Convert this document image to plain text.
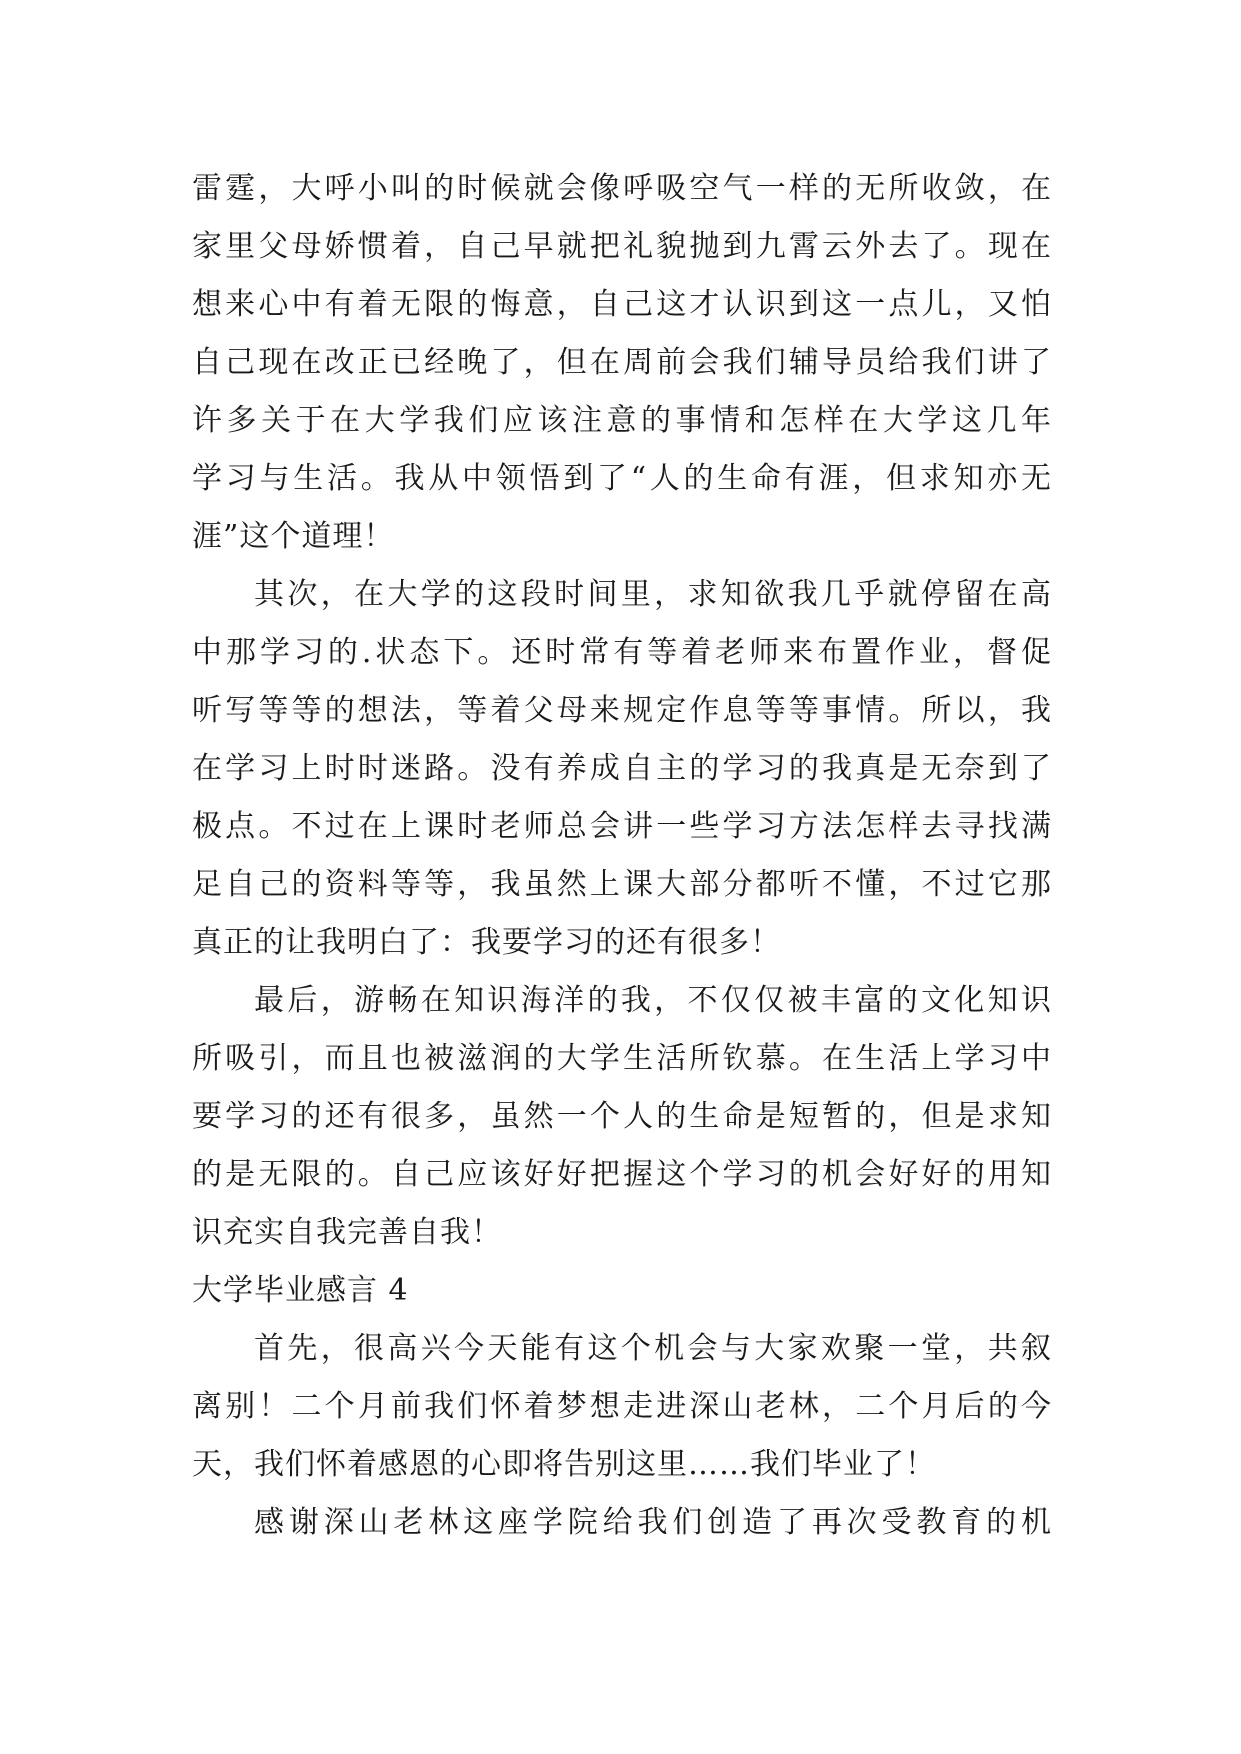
雷霆，大呼小叫的时候就会像呼吸空气一样的无所收敛，在
家里父母娇惯着，自己早就把礼貌抛到九霄云外去了。现在
想来心中有着无限的悔意，自己这才认识到这一点儿，又怕
自己现在改正已经晚了，但在周前会我们辅导员给我们讲了
许多关于在大学我们应该注意的事情和怎样在大学这几年
学习与生活。我从中领悟到了“人的生命有涯，但求知亦无
涯”这个道理！
其次，在大学的这段时间里，求知欲我几乎就停留在高
中那学习的.状态下。还时常有等着老师来布置作业，督促
听写等等的想法，等着父母来规定作息等等事情。所以，我
在学习上时时迷路。没有养成自主的学习的我真是无奈到了
极点。不过在上课时老师总会讲一些学习方法怎样去寻找满
足自己的资料等等，我虽然上课大部分都听不懂，不过它那
真正的让我明白了：我要学习的还有很多！
最后，游畅在知识海洋的我，不仅仅被丰富的文化知识
所吸引，而且也被滋润的大学生活所钦慕。在生活上学习中
要学习的还有很多，虽然一个人的生命是短暂的，但是求知
的是无限的。自己应该好好把握这个学习的机会好好的用知
识充实自我完善自我！
大学毕业感言 4
首先，很高兴今天能有这个机会与大家欢聚一堂，共叙
离别！二个月前我们怀着梦想走进深山老林，二个月后的今
天，我们怀着感恩的心即将告别这里……我们毕业了！
感谢深山老林这座学院给我们创造了再次受教育的机
